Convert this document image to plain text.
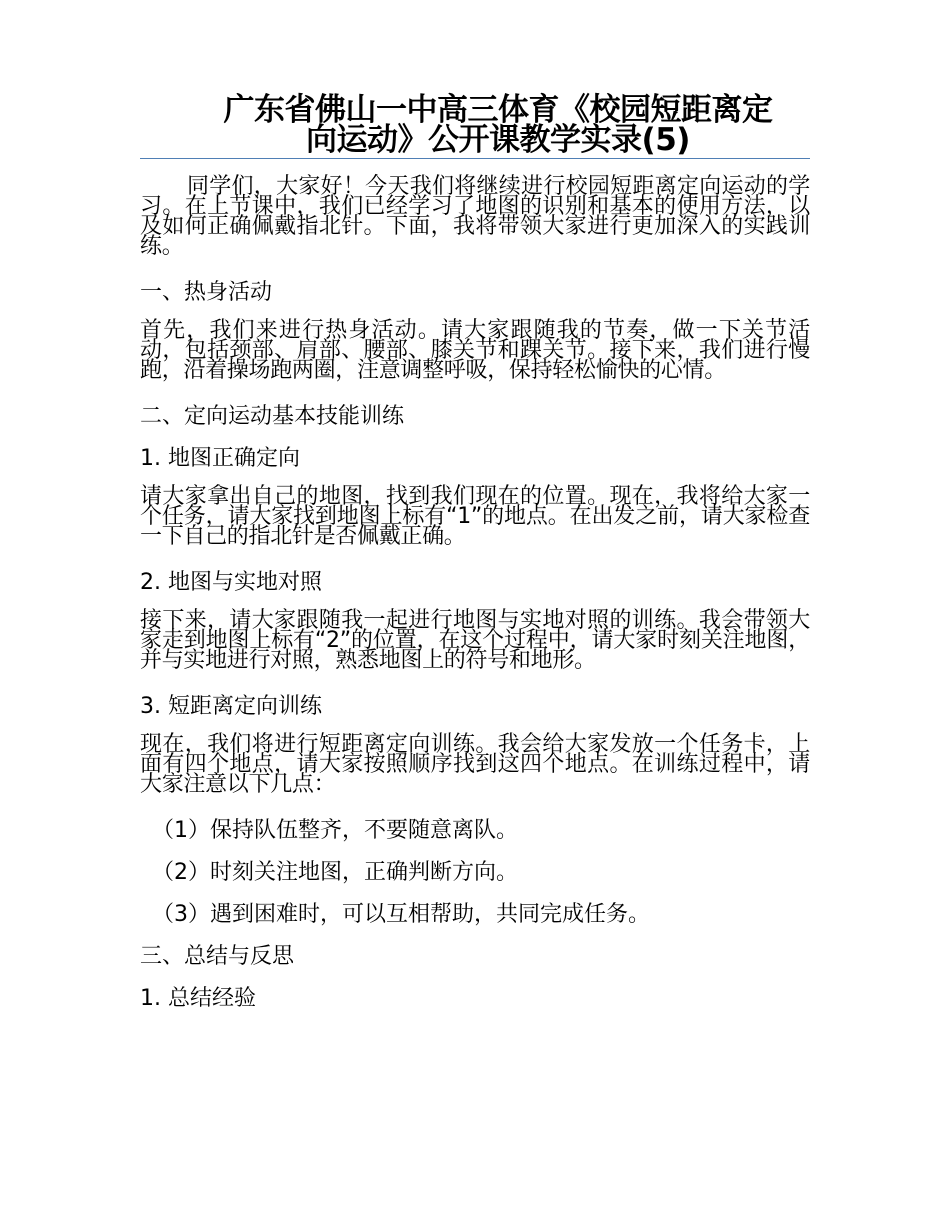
广东省佛山一中高三体育《校园短距离定
向运动》公开课教学实录(5)

同学们，大家好！今天我们将继续进行校园短距离定向运动的学习。在上节课中，我们已经学习了地图的识别和基本的使用方法，以及如何正确佩戴指北针。下面，我将带领大家进行更加深入的实践训练。

一、热身活动

首先，我们来进行热身活动。请大家跟随我的节奏，做一下关节活动，包括颈部、肩部、腰部、膝关节和踝关节。接下来，我们进行慢跑，沿着操场跑两圈，注意调整呼吸，保持轻松愉快的心情。

二、定向运动基本技能训练
1. 地图正确定向

请大家拿出自己的地图，找到我们现在的位置。现在，我将给大家一个任务，请大家找到地图上标有“1”的地点。在出发之前，请大家检查一下自己的指北针是否佩戴正确。

2. 地图与实地对照

接下来，请大家跟随我一起进行地图与实地对照的训练。我会带领大家走到地图上标有“2”的位置，在这个过程中，请大家时刻关注地图，并与实地进行对照，熟悉地图上的符号和地形。

3. 短距离定向训练

现在，我们将进行短距离定向训练。我会给大家发放一个任务卡，上面有四个地点，请大家按照顺序找到这四个地点。在训练过程中，请大家注意以下几点：

（1）保持队伍整齐，不要随意离队。
（2）时刻关注地图，正确判断方向。
（3）遇到困难时，可以互相帮助，共同完成任务。
三、总结与反思
1. 总结经验
